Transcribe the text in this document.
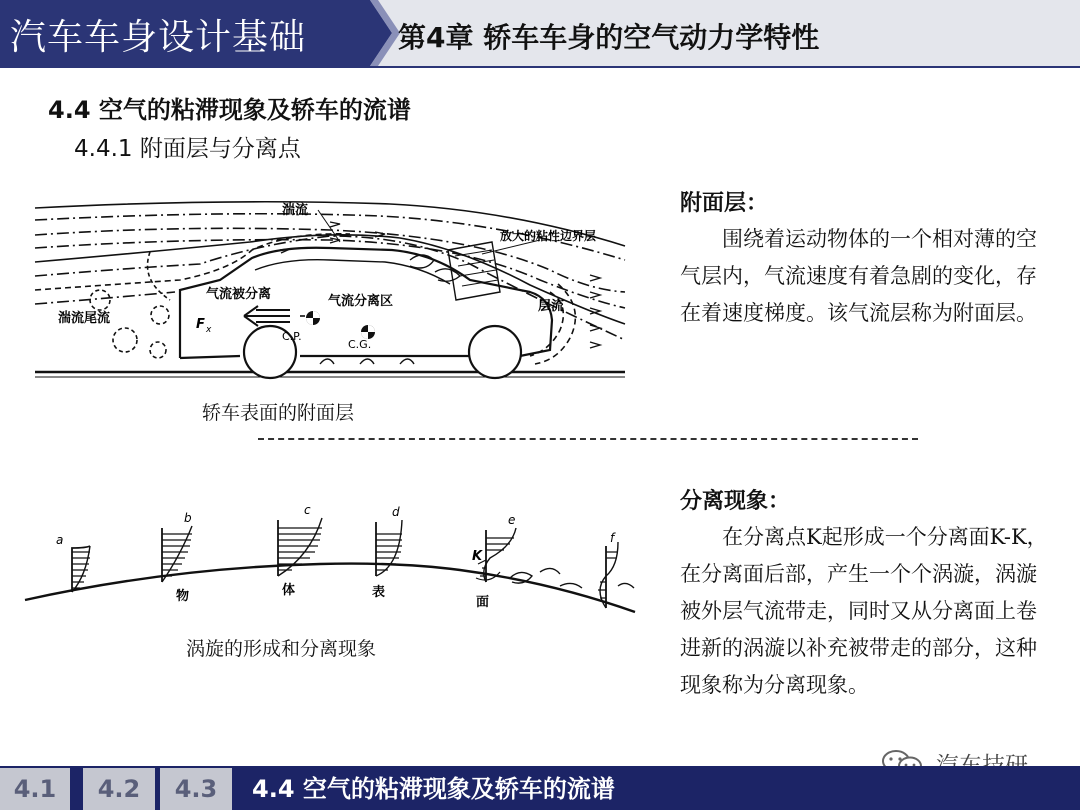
汽车车身设计基础	第4章 轿车车身的空气动力学特性
4.4 空气的粘滞现象及轿车的流谱
4.4.1 附面层与分离点
湍流
放大的粘性边界层
气流被分离	气流分离区	层流
湍流尾流	F x	C.P.
C.G.
轿车表面的附面层
a
b
c	d
e
f
K
物	体	表
面
涡旋的形成和分离现象

附面层：

围绕着运动物体的一个相对薄的空气层内，气流速度有着急剧的变化，存在着速度梯度。该气流层称为附面层。

分离现象：

在分离点K起形成一个分离面K-K，在分离面后部，产生一个个涡漩，涡漩被外层气流带走，同时又从分离面上卷进新的涡漩以补充被带走的部分，这种现象称为分离现象。

4.1	4.2	4.3	4.4 空气的粘滞现象及轿车的流谱
